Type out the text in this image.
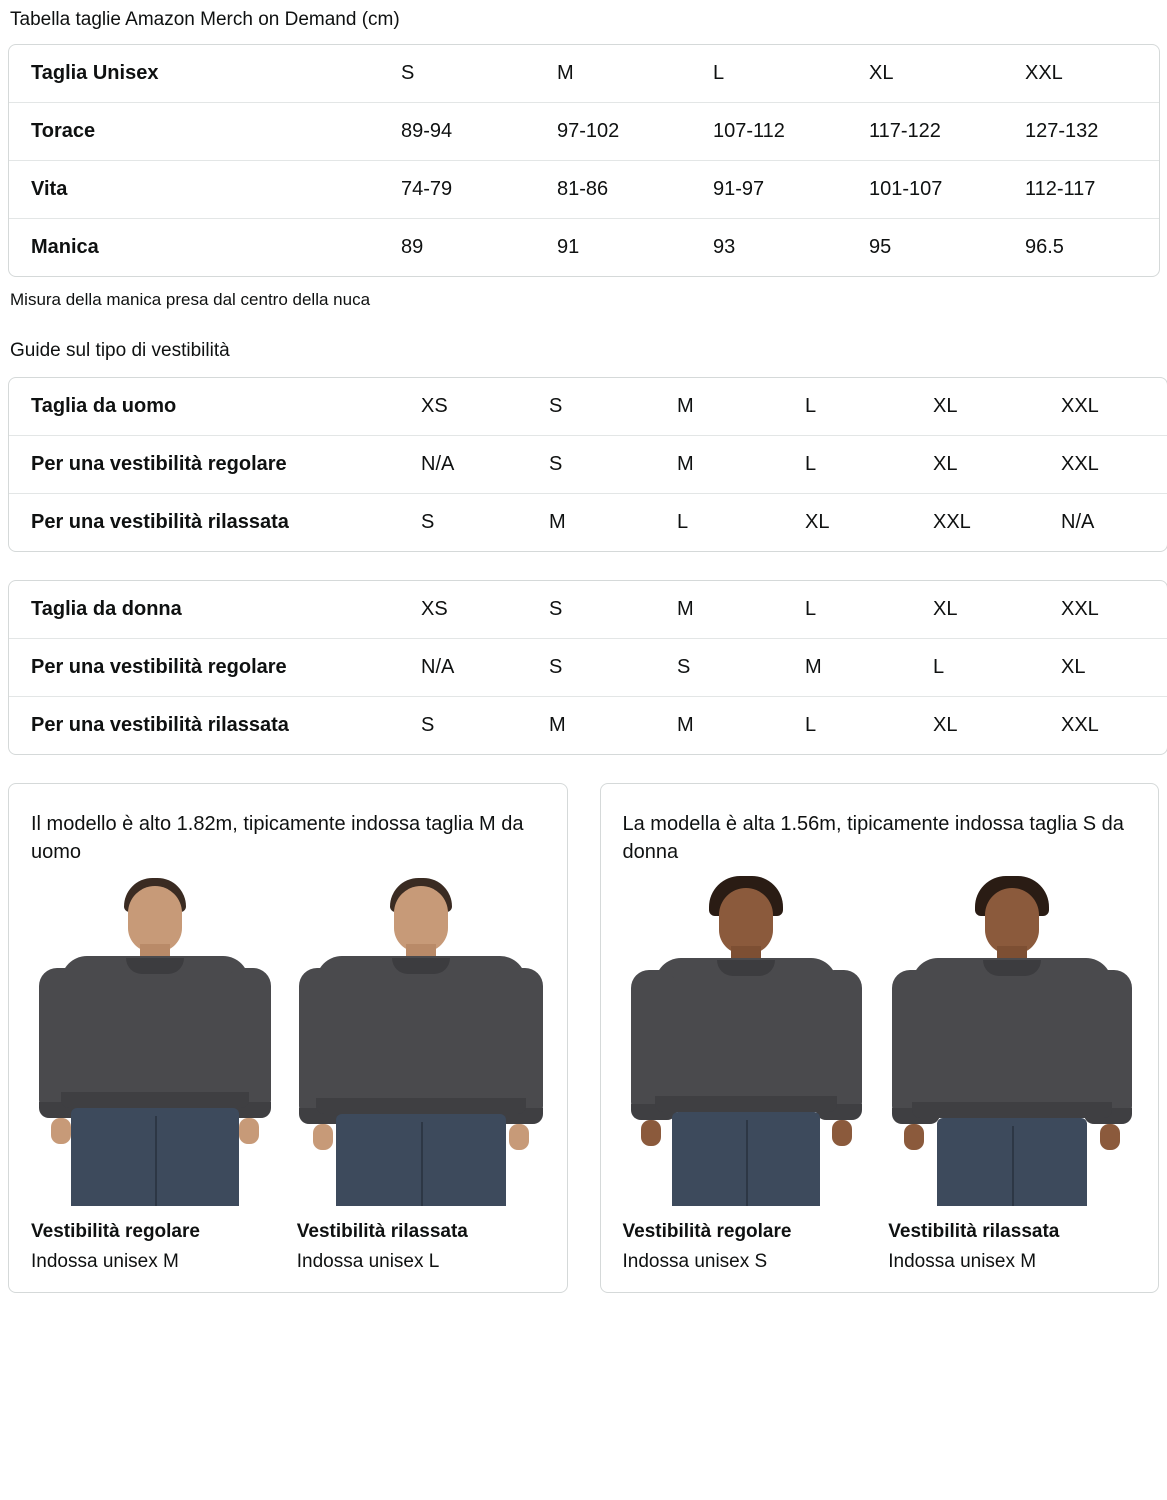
Tabella taglie Amazon Merch on Demand (cm)
Taglia Unisex	S	M	L	XL	XXL
Torace	89-94	97-102	107-112	117-122	127-132
Vita	74-79	81-86	91-97	101-107	112-117
Manica	89	91	93	95	96.5
Misura della manica presa dal centro della nuca
Guide sul tipo di vestibilità
Taglia da uomo	XS	S	M	L	XL	XXL
Per una vestibilità regolare	N/A	S	M	L	XL	XXL
Per una vestibilità rilassata	S	M	L	XL	XXL	N/A
Taglia da donna	XS	S	M	L	XL	XXL
Per una vestibilità regolare	N/A	S	S	M	L	XL
Per una vestibilità rilassata	S	M	M	L	XL	XXL
Il modello è alto 1.82m, tipicamente indossa taglia M da uomo
Vestibilità regolare
Indossa unisex M
Vestibilità rilassata
Indossa unisex L
La modella è alta 1.56m, tipicamente indossa taglia S da donna
Vestibilità regolare
Indossa unisex S
Vestibilità rilassata
Indossa unisex M
